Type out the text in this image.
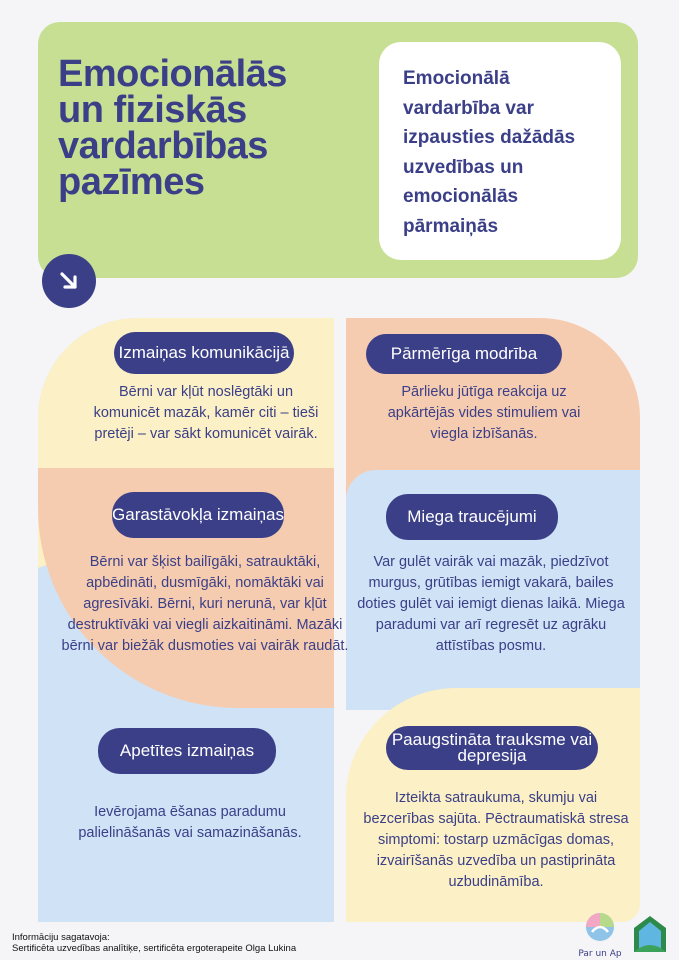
Emocionālās
un fiziskās
vardarbības
pazīmes
Emocionālā vardarbība var izpausties dažādās uzvedības un emocionālās pārmaiņās
Izmaiņas komunikācijā
Bērni var kļūt noslēgtāki un komunicēt mazāk, kamēr citi – tieši pretēji – var sākt komunicēt vairāk.
Pārmērīga modrība
Pārlieku jūtīga reakcija uz apkārtējās vides stimuliem vai viegla izbīšanās.
Garastāvokļa izmaiņas
Bērni var šķist bailīgāki, satrauktāki, apbēdināti, dusmīgāki, nomāktāki vai agresīvāki. Bērni, kuri nerunā, var kļūt destruktīvāki vai viegli aizkaitināmi. Mazāki bērni var biežāk dusmoties vai vairāk raudāt.
Miega traucējumi
Var gulēt vairāk vai mazāk, piedzīvot murgus, grūtības iemigt vakarā, bailes doties gulēt vai iemigt dienas laikā. Miega paradumi var arī regresēt uz agrāku attīstības posmu.
Apetītes izmaiņas
Ievērojama ēšanas paradumu palielināšanās vai samazināšanās.
Paaugstināta trauksme vai depresija
Izteikta satraukuma, skumju vai bezcerības sajūta. Pēctraumatiskā stresa simptomi: tostarp uzmācīgas domas, izvairīšanās uzvedība un pastiprināta uzbudināmība.
Informāciju sagatavoja:
Sertificēta uzvedības analītiķe, sertificēta ergoterapeite Olga Lukina	Par un Ap
